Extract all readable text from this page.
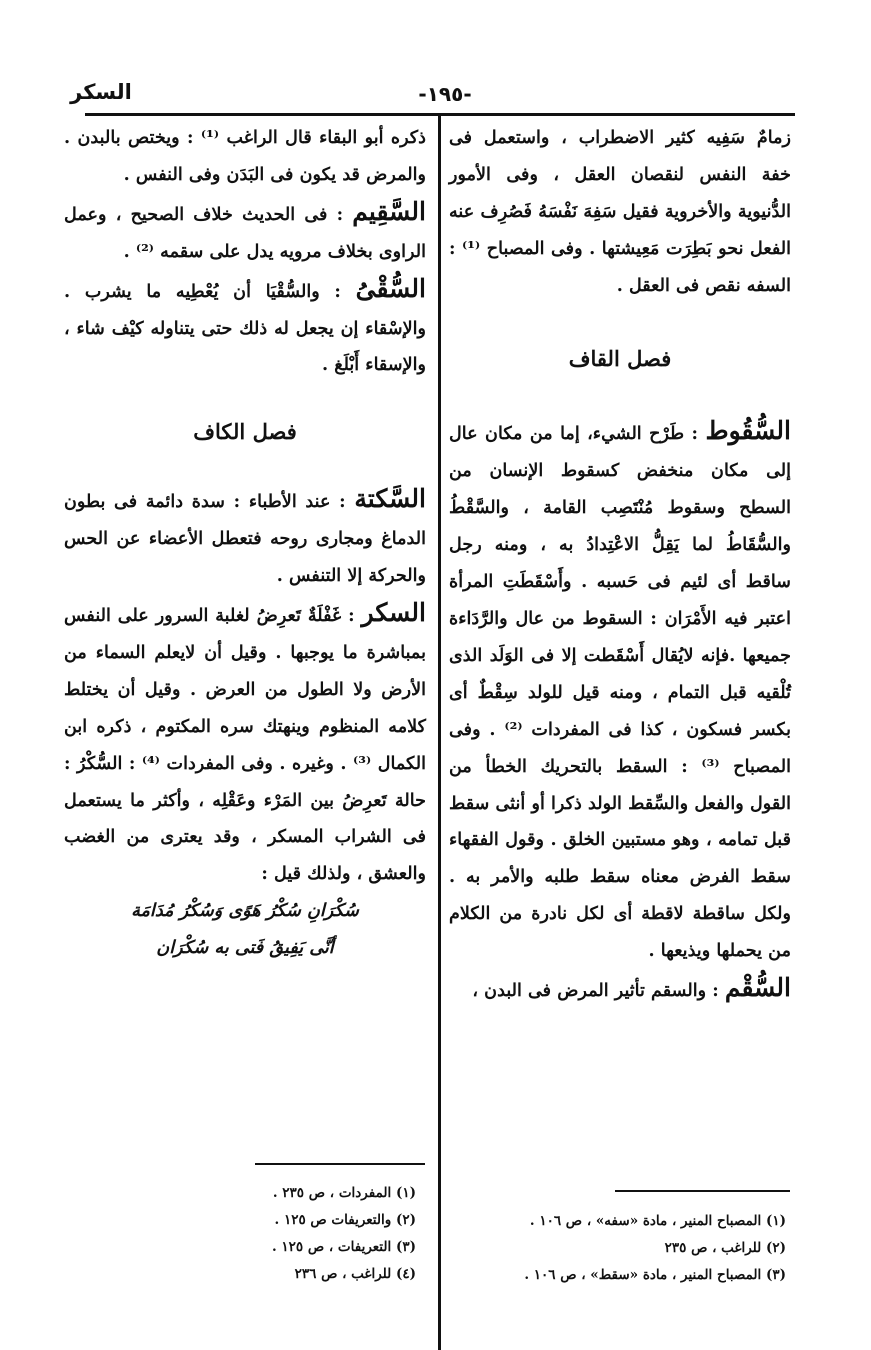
السكر	-١٩٥-

زمامٌ سَفِيه كثير الاضطراب ، واستعمل فى خفة النفس لنقصان العقل ، وفى الأمور الدُّنيوية والأخروية فقيل سَفِهَ نَفْسَهُ فَصُرِف عنه الفعل نحو بَطِرَت مَعِيشتها . وفى المصباح ⁽¹⁾ : السفه نقص فى العقل .

فصل القاف

السُّقُوط : طَرْح الشيء، إما من مكان عال إلى مكان منخفض كسقوط الإنسان من السطح وسقوط مُنْتَصِب القامة ، والسَّقْطُ والسُّقَاطُ لما يَقِلُّ الاعْتِدادُ به ، ومنه رجل ساقط أى لئيم فى حَسبه . وأَسْقَطَتِ المرأة اعتبر فيه الأَمْرَان : السقوط من عال والرَّدَاءة جميعها .فإنه لايُقال أَسْقَطت إلا فى الوَلَد الذى تُلْقيه قبل التمام ، ومنه قيل للولد سِقْطٌ أى بكسر فسكون ، كذا فى المفردات ⁽²⁾ . وفى المصباح ⁽³⁾ : السقط بالتحريك الخطأ من القول والفعل والسِّقط الولد ذكرا أو أنثى سقط قبل تمامه ، وهو مستبين الخلق . وقول الفقهاء سقط الفرض معناه سقط طلبه والأمر به . ولكل ساقطة لاقطة أى لكل نادرة من الكلام من يحملها ويذيعها .

السُّقْم : والسقم تأثير المرض فى البدن ،

ذكره أبو البقاء قال الراغب ⁽¹⁾ : ويختص بالبدن . والمرض قد يكون فى البَدَن وفى النفس .

السَّقِيم : فى الحديث خلاف الصحيح ، وعمل الراوى بخلاف مرويه يدل على سقمه ⁽²⁾ .

السُّقْىُ : والسُّقْيَا أن يُعْطِيه ما يشرب . والإسْقاء إن يجعل له ذلك حتى يتناوله كيْف شاء ، والإسقاء أَبْلَغ .

فصل الكاف

السَّكتة : عند الأطباء : سدة دائمة فى بطون الدماغ ومجارى روحه فتعطل الأعضاء عن الحس والحركة إلا التنفس .

السكر : غَفْلَةٌ تَعرِضُ لغلبة السرور على النفس بمباشرة ما يوجبها . وقيل أن لايعلم السماء من الأرض ولا الطول من العرض . وقيل أن يختلط كلامه المنظوم وينهتك سره المكتوم ، ذكره ابن الكمال ⁽³⁾ . وغيره . وفى المفردات ⁽⁴⁾ : السُّكْرُ : حالة تَعرِضُ بين المَرْء وعَقْلِه ، وأكثر ما يستعمل فى الشراب المسكر ، وقد يعترى من الغضب والعشق ، ولذلك قيل :

سُكْرَانِ سُكْرُ هَوًى وَسُكْرُ مُدَامَة

أنَّى يَفِيقُ فَتى به سُكْرَان

(١) المفردات ، ص ٢٣٥ .

(٢) والتعريفات ص ١٢٥ .

(٣) التعريفات ، ص ١٢٥ .

(٤) للراغب ، ص ٢٣٦

(١) المصباح المنير ، مادة «سفه» ، ص ١٠٦ .

(٢) للراغب ، ص ٢٣٥

(٣) المصباح المنير ، مادة «سقط» ، ص ١٠٦ .
